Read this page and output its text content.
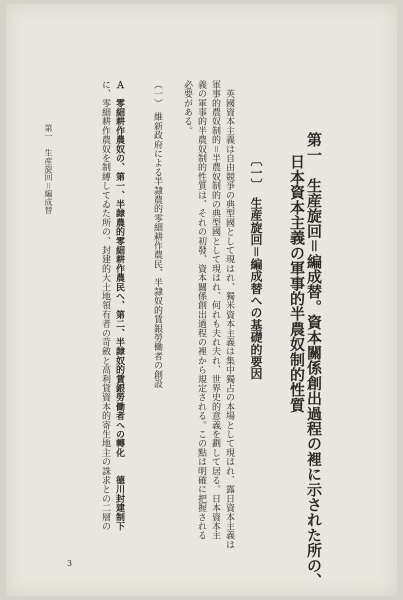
第一　生産旋回＝編成替。資本關係創出過程の裡に示された所の、
日本資本主義の軍事的半農奴制的性質
〔一〕　生産旋回＝編成替への基礎的要因
　英國資本主義は自由競爭の典型國として現はれ、獨米資本主義は集中獨占の本場として現はれ、露日資本主義は
軍事的農奴制的＝半農奴制的の典型國として現はれ、何れも夫れ夫れ、世界史的意義を劃して居る。日本資本主
義の軍事的半農奴制的性質は、それの初發、資本關係創出過程の裡から規定される。この點は明確に把握される
必要がある。
（一）　維新政府による半隷農的零細耕作農民、半隷奴的賃銀勞働者の創設
Ａ　零細耕作農奴の、第一、半隷農的零細耕作農民へ、第二、半隷奴的賃銀勞働者への轉化　　德川封建制下
に、零細耕作農奴を制縛してゐた所の、封建的大土地領有者の苛斂と高利貸資本的寄生地主の誅求との二層の
第一　生産旋回＝編成替
3
